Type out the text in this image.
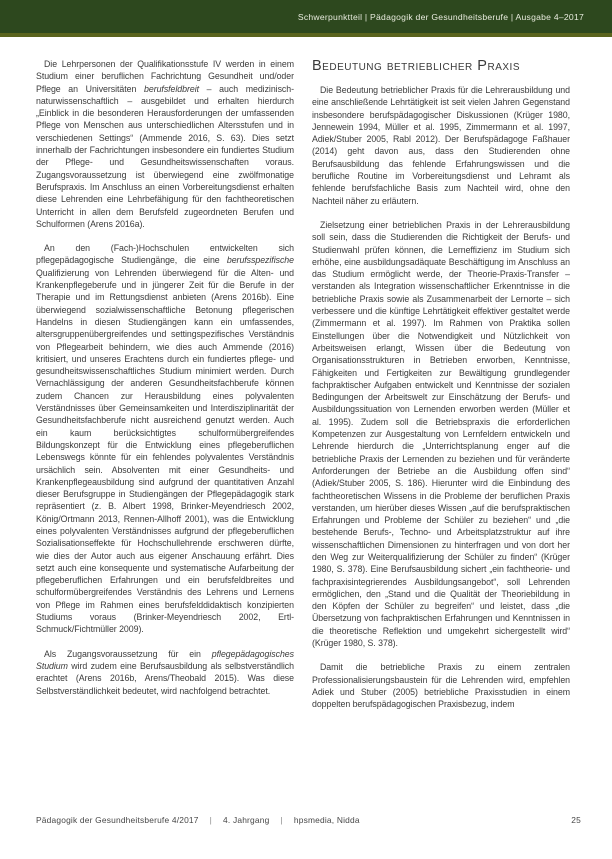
Schwerpunktteil | Pädagogik der Gesundheitsberufe | Ausgabe 4–2017

Die Lehrpersonen der Qualifikationsstufe IV werden in einem Studium einer beruflichen Fachrichtung Gesundheit und/oder Pflege an Universitäten berufsfeldbreit – auch medizinisch-naturwissenschaftlich – ausgebildet und erhalten hierdurch „Einblick in die besonderen Herausforderungen der umfassenden Pflege von Menschen aus unterschiedlichen Altersstufen und in verschiedenen Settings“ (Ammende 2016, S. 63). Dies setzt innerhalb der Fachrichtungen insbesondere ein fundiertes Studium der Pflege- und Gesundheitswissenschaften voraus. Zugangsvoraussetzung ist überwiegend eine zwölfmonatige Berufspraxis. Im Anschluss an einen Vorbereitungsdienst erhalten diese Lehrenden eine Lehrbefähigung für den fachtheoretischen Unterricht in allen dem Berufsfeld zugeordneten Berufen und Schulformen (Arens 2016a).

An den (Fach-)Hochschulen entwickelten sich pflegepädagogische Studiengänge, die eine berufsspezifische Qualifizierung von Lehrenden überwiegend für die Alten- und Krankenpflegeberufe und in jüngerer Zeit für die Berufe in der Therapie und im Rettungsdienst anbieten (Arens 2016b). Eine überwiegend sozialwissenschaftliche Betonung pflegerischen Handelns in diesen Studiengängen kann ein umfassendes, altersgruppenübergreifendes und settingspezifisches Verständnis von Pflegearbeit behindern, wie dies auch Ammende (2016) kritisiert, und unseres Erachtens durch ein fundiertes pflege- und gesundheitswissenschaftliches Studium minimiert werden. Durch Vernachlässigung der anderen Gesundheitsfachberufe können zudem Chancen zur Herausbildung eines polyvalenten Verständnisses über Gemeinsamkeiten und Interdisziplinarität der Gesundheitsfachberufe nicht ausreichend genutzt werden. Auch ein kaum berücksichtigtes schulformübergreifendes Bildungskonzept für die Entwicklung eines pflegeberuflichen Lebenswegs könnte für ein fehlendes polyvalentes Verständnis ursächlich sein. Absolventen mit einer Gesundheits- und Krankenpflegeausbildung sind aufgrund der quantitativen Anzahl dieser Berufsgruppe in Studiengängen der Pflegepädagogik stark repräsentiert (z. B. Albert 1998, Brinker-Meyendriesch 2002, König/Ortmann 2013, Rennen-Allhoff 2001), was die Entwicklung eines polyvalenten Verständnisses aufgrund der pflegeberuflichen Sozialisationseffekte für Hochschullehrende erschweren dürfte, wie dies der Autor auch aus eigener Anschauung erfährt. Dies setzt auch eine konsequente und systematische Aufarbeitung der pflegeberuflichen Erfahrungen und ein berufsfeldbreites und schulformübergreifendes Verständnis des Lehrens und Lernens von Pflege im Rahmen eines berufsfelddidaktisch konzipierten Studiums voraus (Brinker-Meyendriesch 2002, Ertl-Schmuck/Fichtmüller 2009).

Als Zugangsvoraussetzung für ein pflegepädagogisches Studium wird zudem eine Berufsausbildung als selbstverständlich erachtet (Arens 2016b, Arens/Theobald 2015). Was diese Selbstverständlichkeit bedeutet, wird nachfolgend betrachtet.

Bedeutung betrieblicher Praxis

Die Bedeutung betrieblicher Praxis für die Lehrerausbildung und eine anschließende Lehrtätigkeit ist seit vielen Jahren Gegenstand insbesondere berufspädagogischer Diskussionen (Krüger 1980, Jennewein 1994, Müller et al. 1995, Zimmermann et al. 1997, Adiek/Stuber 2005, Rabl 2012). Der Berufspädagoge Faßhauer (2014) geht davon aus, dass den Studierenden ohne Berufsausbildung das fehlende Erfahrungswissen und die berufliche Routine im Vorbereitungsdienst und Lehramt als fehlende berufsfachliche Basis zum Nachteil wird, ohne den Nachteil näher zu erläutern.

Zielsetzung einer betrieblichen Praxis in der Lehrerausbildung soll sein, dass die Studierenden die Richtigkeit der Berufs- und Studienwahl prüfen können, die Lerneffizienz im Studium sich erhöhe, eine ausbildungsadäquate Beschäftigung im Anschluss an das Studium ermöglicht werde, der Theorie-Praxis-Transfer – verstanden als Integration wissenschaftlicher Erkenntnisse in die betriebliche Praxis sowie als Zusammenarbeit der Lernorte – sich verbessere und die künftige Lehrtätigkeit effektiver gestaltet werde (Zimmermann et al. 1997). Im Rahmen von Praktika sollen Einstellungen über die Notwendigkeit und Nützlichkeit von Arbeitsweisen erlangt, Wissen über die Bedeutung von Organisationsstrukturen in Betrieben erworben, Kenntnisse, Fähigkeiten und Fertigkeiten zur Bewältigung grundlegender fachpraktischer Aufgaben entwickelt und Kenntnisse der sozialen Bedingungen der Arbeitswelt zur Einschätzung der Berufs- und Ausbildungssituation von Lernenden erworben werden (Müller et al. 1995). Zudem soll die Betriebspraxis die erforderlichen Kompetenzen zur Ausgestaltung von Lernfeldern entwickeln und Lehrende hierdurch die „Unterrichtsplanung enger auf die betriebliche Praxis der Lernenden zu beziehen und für veränderte Anforderungen der Betriebe an die Ausbildung offen sind“ (Adiek/Stuber 2005, S. 186). Hierunter wird die Einbindung des fachtheoretischen Wissens in die Probleme der beruflichen Praxis verstanden, um hierüber dieses Wissen „auf die berufspraktischen Erfahrungen und Probleme der Schüler zu beziehen“ und „die bestehende Berufs-, Techno- und Arbeitsplatzstruktur auf ihre wissenschaftlichen Dimensionen zu hinterfragen und von dort her den Weg zur Weiterqualifizierung der Schüler zu finden“ (Krüger 1980, S. 378). Eine Berufsausbildung sichert „ein fachtheorie- und fachpraxisintegrierendes Ausbildungsangebot“, soll Lehrenden ermöglichen, den „Stand und die Qualität der Theoriebildung in den Köpfen der Schüler zu begreifen“ und leistet, dass „die Übersetzung von fachpraktischen Erfahrungen und Kenntnissen in die theoretische Reflektion und umgekehrt sichergestellt wird“ (Krüger 1980, S. 378).

Damit die betriebliche Praxis zu einem zentralen Professionalisierungsbaustein für die Lehrenden wird, empfehlen Adiek und Stuber (2005) betriebliche Praxisstudien in einem doppelten berufspädagogischen Praxisbezug, indem

Pädagogik der Gesundheitsberufe 4/2017 | 4. Jahrgang | hpsmedia, Nidda	25
